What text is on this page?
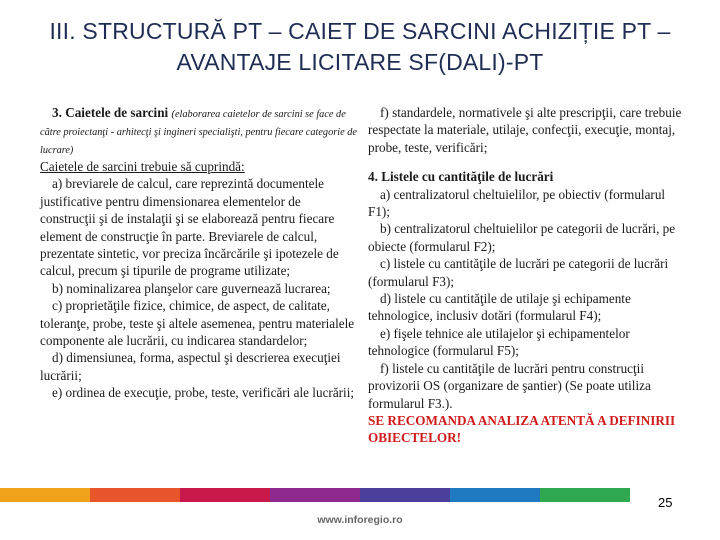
III. STRUCTURĂ PT – CAIET DE SARCINI ACHIZIȚIE PT – AVANTAJE LICITARE SF(DALI)-PT

3. Caietele de sarcini (elaborarea caietelor de sarcini se face de către proiectanţi - arhitecţi şi ingineri specialişti, pentru fiecare categorie de lucrare)

Caietele de sarcini trebuie să cuprindă:

a) breviarele de calcul, care reprezintă documentele justificative pentru dimensionarea elementelor de construcţii şi de instalaţii şi se elaborează pentru fiecare element de construcţie în parte. Breviarele de calcul, prezentate sintetic, vor preciza încărcările şi ipotezele de calcul, precum şi tipurile de programe utilizate;

b) nominalizarea planşelor care guvernează lucrarea;

c) proprietăţile fizice, chimice, de aspect, de calitate, toleranţe, probe, teste şi altele asemenea, pentru materialele componente ale lucrării, cu indicarea standardelor;

d) dimensiunea, forma, aspectul şi descrierea execuţiei lucrării;

e) ordinea de execuţie, probe, teste, verificări ale lucrării;

f) standardele, normativele şi alte prescripţii, care trebuie respectate la materiale, utilaje, confecţii, execuţie, montaj, probe, teste, verificări;

4. Listele cu cantităţile de lucrări

a) centralizatorul cheltuielilor, pe obiectiv (formularul F1);

b) centralizatorul cheltuielilor pe categorii de lucrări, pe obiecte (formularul F2);

c) listele cu cantităţile de lucrări pe categorii de lucrări (formularul F3);

d) listele cu cantităţile de utilaje şi echipamente tehnologice, inclusiv dotări (formularul F4);

e) fişele tehnice ale utilajelor şi echipamentelor tehnologice (formularul F5);

f) listele cu cantităţile de lucrări pentru construcţii provizorii OS (organizare de şantier) (Se poate utiliza formularul F3.).

SE RECOMANDA ANALIZA ATENTĂ A DEFINIRII OBIECTELOR!

25
www.inforegio.ro
